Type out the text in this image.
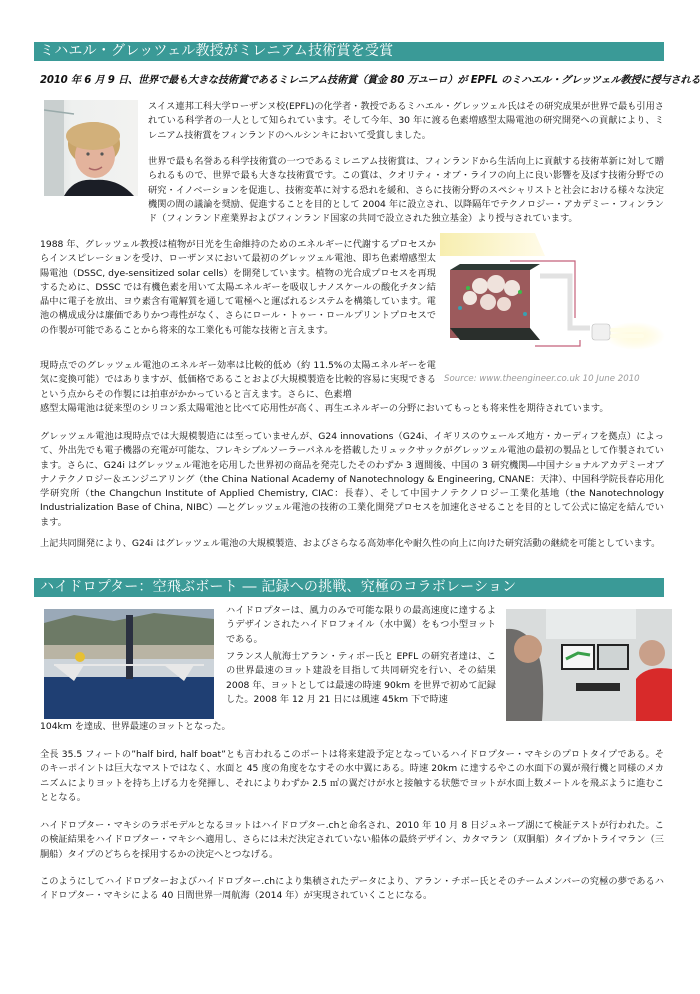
ミハエル・グレッツェル教授がミレニアム技術賞を受賞
2010 年 6 月 9 日、世界で最も大きな技術賞であるミレニアム技術賞（賞金 80 万ユーロ）が EPFL のミハエル・グレッツェル教授に授与される

スイス連邦工科大学ローザンヌ校(EPFL)の化学者・教授であるミハエル・グレッツェル氏はその研究成果が世界で最も引用されている科学者の一人として知られています。そして今年、30 年に渡る色素増感型太陽電池の研究開発への貢献により、ミレニアム技術賞をフィンランドのヘルシンキにおいて受賞しました。

世界で最も名誉ある科学技術賞の一つであるミレニアム技術賞は、フィンランドから生活向上に貢献する技術革新に対して贈られるもので、世界で最も大きな技術賞です。この賞は、クオリティ・オブ・ライフの向上に良い影響を及ぼす技術分野での研究・イノベーションを促進し、技術変革に対する恐れを緩和、さらに技術分野のスペシャリストと社会における様々な決定機関の間の議論を奨励、促進することを目的として 2004 年に設立され、以降隔年でテクノロジー・アカデミー・フィンランド（フィンランド産業界およびフィンランド国家の共同で設立された独立基金）より授与されています。

1988 年、グレッツェル教授は植物が日光を生命維持のためのエネルギーに代謝するプロセスからインスピレーションを受け、ローザンヌにおいて最初のグレッツェル電池、即ち色素増感型太陽電池（DSSC, dye-sensitized solar cells）を開発しています。植物の光合成プロセスを再現するために、DSSC では有機色素を用いて太陽エネルギーを吸収しナノスケールの酸化チタン結晶中に電子を放出、ヨウ素含有電解質を通して電極へと運ばれるシステムを構築しています。電池の構成成分は廉価でありかつ毒性がなく、さらにロール・トゥー・ロールプリントプロセスでの作製が可能であることから将来的な工業化も可能な技術と言えます。

現時点でのグレッツェル電池のエネルギー効率は比較的低め（約 11.5%の太陽エネルギーを電気に変換可能）ではありますが、低価格であることおよび大規模製造を比較的容易に実現できるという点からその作製には拍車がかかっていると言えます。さらに、色素増

Source: www.theengineer.co.uk 10 June 2010

感型太陽電池は従来型のシリコン系太陽電池と比べて応用性が高く、再生エネルギーの分野においてもっとも将来性を期待されています。

グレッツェル電池は現時点では大規模製造には至っていませんが、G24 innovations（G24i、イギリスのウェールズ地方・カーディフを拠点）によって、外出先でも電子機器の充電が可能な、フレキシブルソーラーパネルを搭載したリュックサックがグレッツェル電池の最初の製品として作製されています。さらに、G24i はグレッツェル電池を応用した世界初の商品を発売したそのわずか 3 週間後、中国の 3 研究機関―中国ナショナルアカデミーオブナノテクノロジー＆エンジニアリング（the China National Academy of Nanotechnology & Engineering, CNANE：天津）、中国科学院長春応用化学研究所（the Changchun Institute of Applied Chemistry, CIAC：長春）、そして中国ナノテクノロジー工業化基地（the Nanotechnology Industrialization Base of China, NIBC）―とグレッツェル電池の技術の工業化開発プロセスを加速化させることを目的として公式に協定を結んでいます。

上記共同開発により、G24i はグレッツェル電池の大規模製造、およびさらなる高効率化や耐久性の向上に向けた研究活動の継続を可能としています。

ハイドロプター：空飛ぶボート ― 記録への挑戦、究極のコラボレーション

ハイドロプターは、風力のみで可能な限りの最高速度に達するようデザインされたハイドロフォイル（水中翼）をもつ小型ヨットである。

フランス人航海士アラン・ティボー氏と EPFL の研究者達は、この世界最速のヨット建設を目指して共同研究を行い、その結果 2008 年、ヨットとしては最速の時速 90km を世界で初めて記録した。2008 年 12 月 21 日には風速 45km 下で時速

104km を達成、世界最速のヨットとなった。

全長 35.5 フィートの”half bird, half boat”とも言われるこのボートは将来建設予定となっているハイドロプター・マキシのプロトタイプである。そのキーポイントは巨大なマストではなく、水面と 45 度の角度をなすその水中翼にある。時速 20km に達するやこの水面下の翼が飛行機と同様のメカニズムによりヨットを持ち上げる力を発揮し、それによりわずか 2.5 ㎡の翼だけが水と接触する状態でヨットが水面上数メートルを飛ぶように進むこととなる。

ハイドロプター・マキシのラボモデルとなるヨットはハイドロプター.chと命名され、2010 年 10 月 8 日ジュネーブ湖にて検証テストが行われた。この検証結果をハイドロプター・マキシへ適用し、さらには未だ決定されていない船体の最終デザイン、カタマラン（双胴船）タイプかトライマラン（三胴船）タイプのどちらを採用するかの決定へとつなげる。

このようにしてハイドロプターおよびハイドロプター.chにより集積されたデータにより、アラン・チボー氏とそのチームメンバーの究極の夢であるハイドロプター・マキシによる 40 日間世界一周航海（2014 年）が実現されていくことになる。
